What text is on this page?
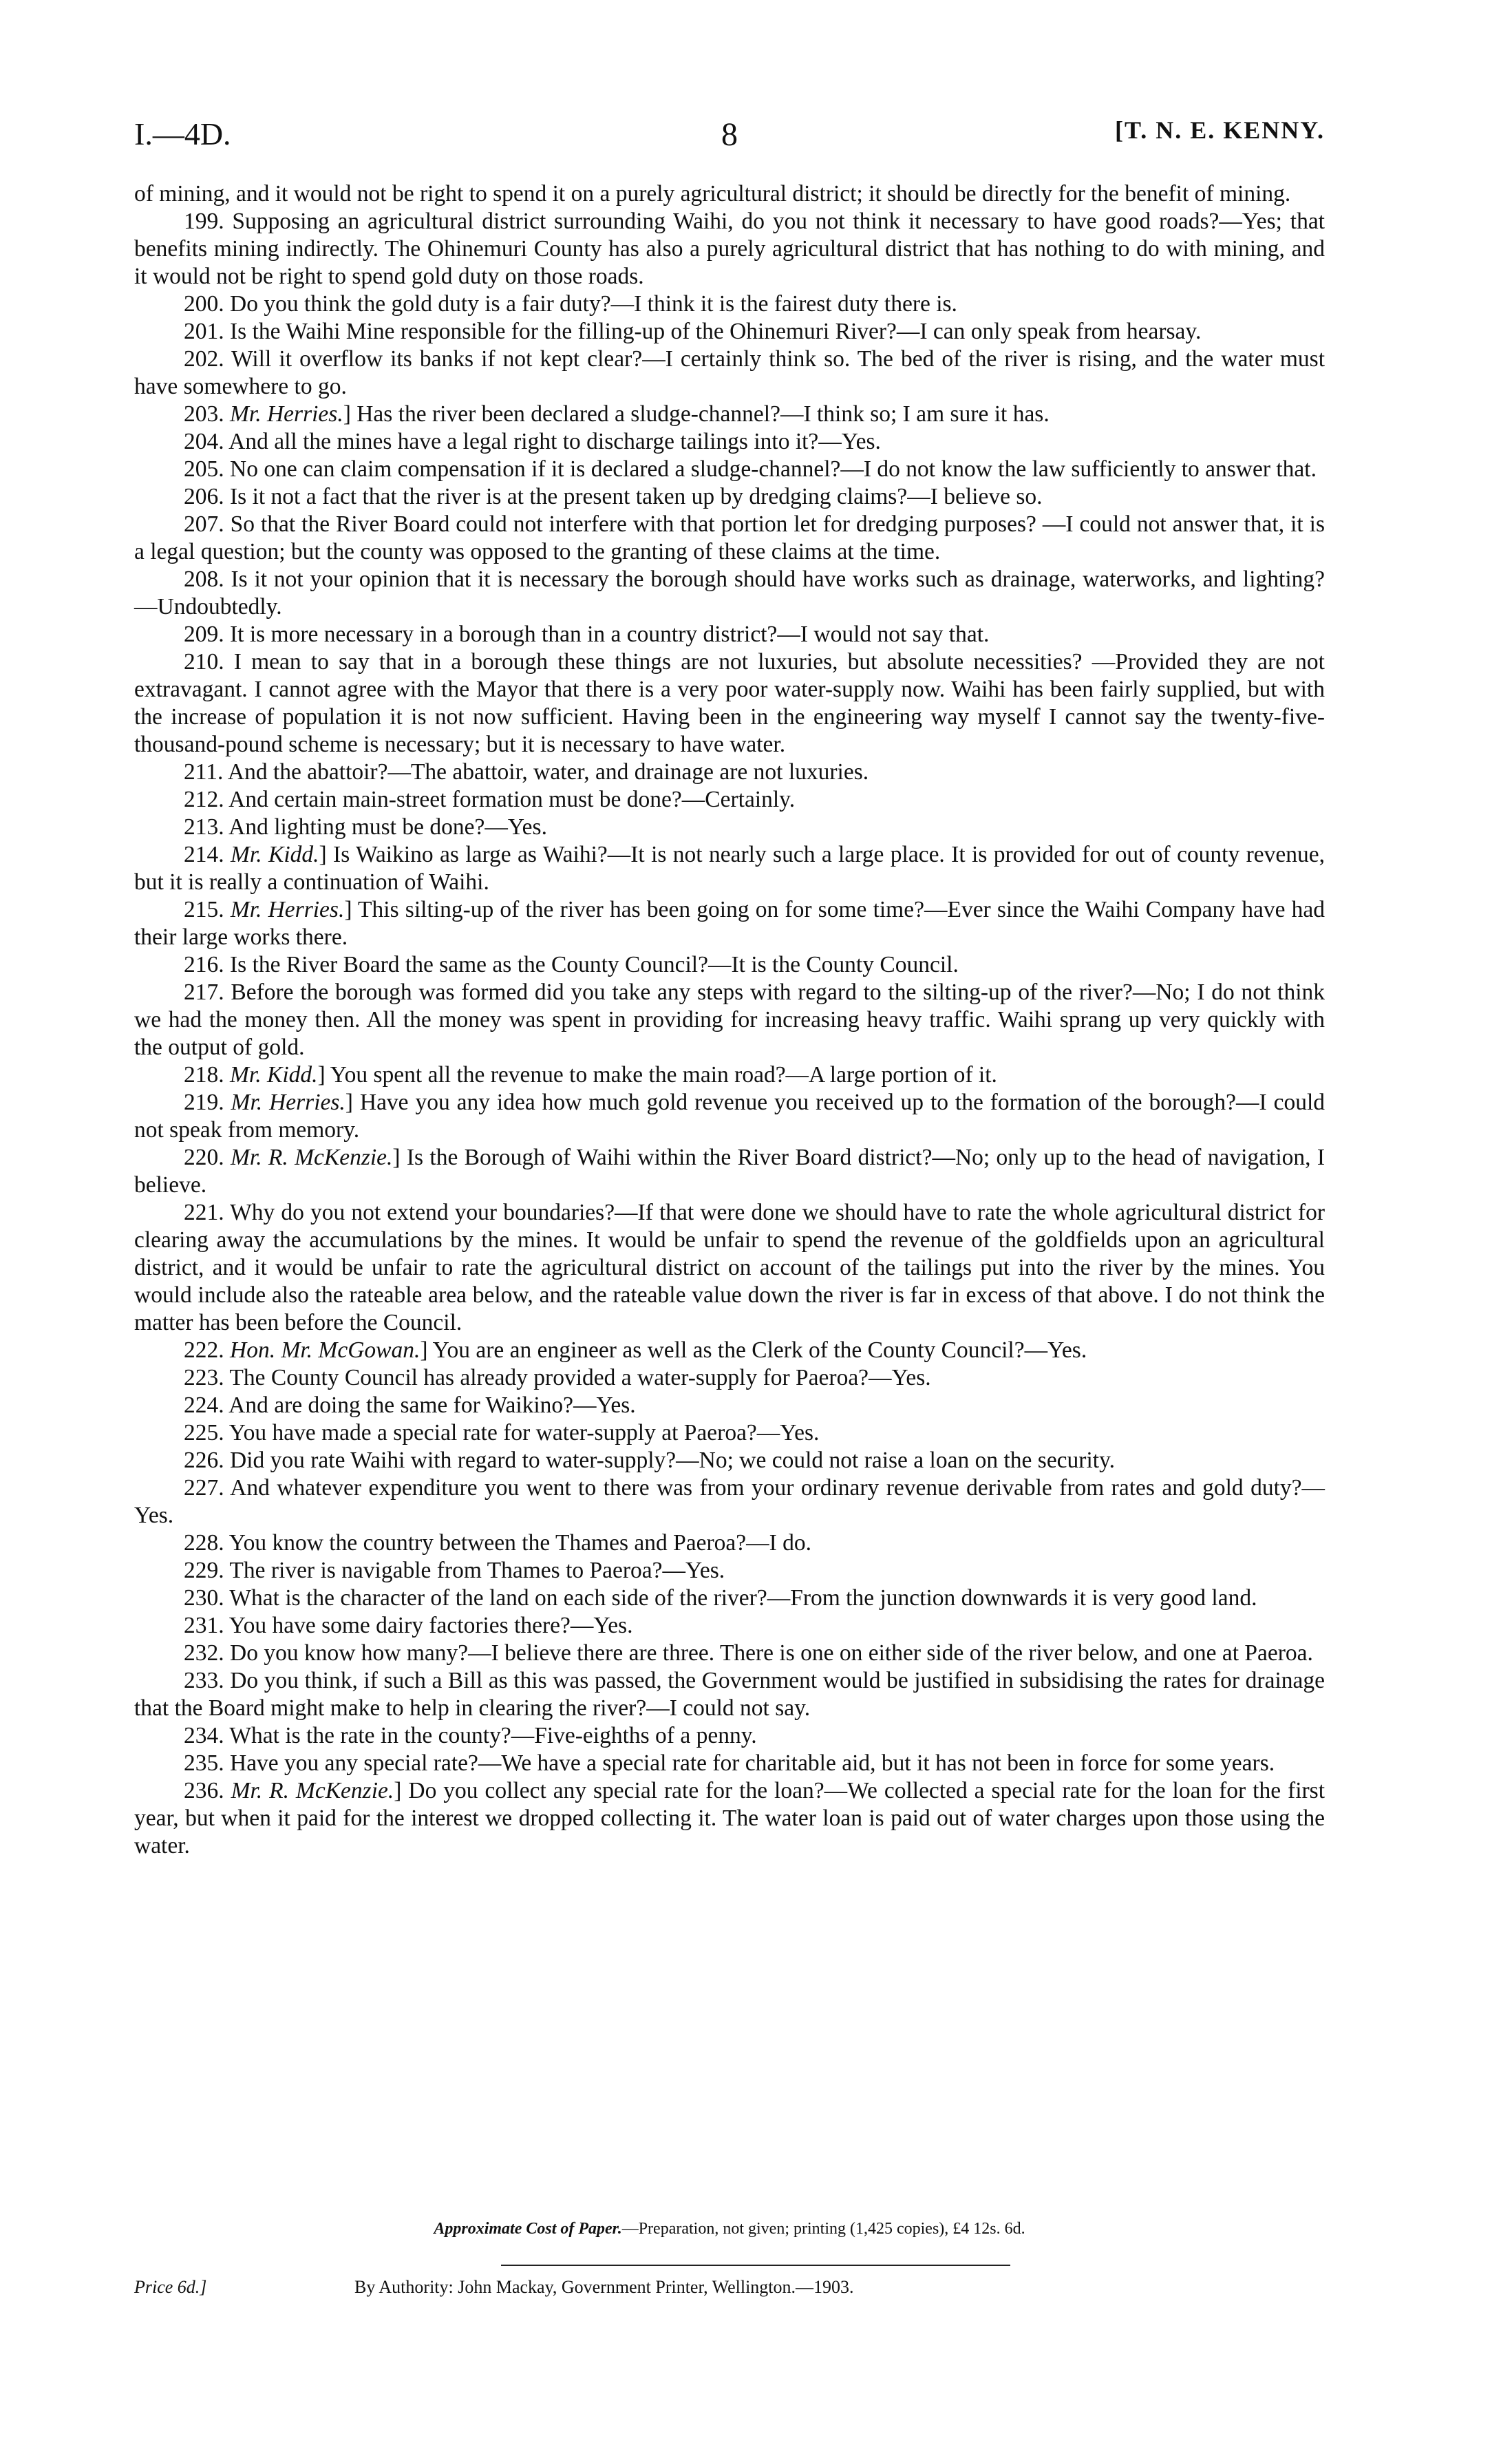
I.—4D.	8	[T. N. E. KENNY.

of mining, and it would not be right to spend it on a purely agricultural district; it should be directly for the benefit of mining.

199. Supposing an agricultural district surrounding Waihi, do you not think it necessary to have good roads?—Yes; that benefits mining indirectly. The Ohinemuri County has also a purely agricultural district that has nothing to do with mining, and it would not be right to spend gold duty on those roads.

200. Do you think the gold duty is a fair duty?—I think it is the fairest duty there is.

201. Is the Waihi Mine responsible for the filling-up of the Ohinemuri River?—I can only speak from hearsay.

202. Will it overflow its banks if not kept clear?—I certainly think so. The bed of the river is rising, and the water must have somewhere to go.

203. Mr. Herries.] Has the river been declared a sludge-channel?—I think so; I am sure it has.

204. And all the mines have a legal right to discharge tailings into it?—Yes.

205. No one can claim compensation if it is declared a sludge-channel?—I do not know the law sufficiently to answer that.

206. Is it not a fact that the river is at the present taken up by dredging claims?—I believe so.

207. So that the River Board could not interfere with that portion let for dredging purposes? —I could not answer that, it is a legal question; but the county was opposed to the granting of these claims at the time.

208. Is it not your opinion that it is necessary the borough should have works such as drainage, waterworks, and lighting?—Undoubtedly.

209. It is more necessary in a borough than in a country district?—I would not say that.

210. I mean to say that in a borough these things are not luxuries, but absolute necessities? —Provided they are not extravagant. I cannot agree with the Mayor that there is a very poor water-supply now. Waihi has been fairly supplied, but with the increase of population it is not now sufficient. Having been in the engineering way myself I cannot say the twenty-five-thousand-pound scheme is necessary; but it is necessary to have water.

211. And the abattoir?—The abattoir, water, and drainage are not luxuries.

212. And certain main-street formation must be done?—Certainly.

213. And lighting must be done?—Yes.

214. Mr. Kidd.] Is Waikino as large as Waihi?—It is not nearly such a large place. It is provided for out of county revenue, but it is really a continuation of Waihi.

215. Mr. Herries.] This silting-up of the river has been going on for some time?—Ever since the Waihi Company have had their large works there.

216. Is the River Board the same as the County Council?—It is the County Council.

217. Before the borough was formed did you take any steps with regard to the silting-up of the river?—No; I do not think we had the money then. All the money was spent in providing for increasing heavy traffic. Waihi sprang up very quickly with the output of gold.

218. Mr. Kidd.] You spent all the revenue to make the main road?—A large portion of it.

219. Mr. Herries.] Have you any idea how much gold revenue you received up to the formation of the borough?—I could not speak from memory.

220. Mr. R. McKenzie.] Is the Borough of Waihi within the River Board district?—No; only up to the head of navigation, I believe.

221. Why do you not extend your boundaries?—If that were done we should have to rate the whole agricultural district for clearing away the accumulations by the mines. It would be unfair to spend the revenue of the goldfields upon an agricultural district, and it would be unfair to rate the agricultural district on account of the tailings put into the river by the mines. You would include also the rateable area below, and the rateable value down the river is far in excess of that above. I do not think the matter has been before the Council.

222. Hon. Mr. McGowan.] You are an engineer as well as the Clerk of the County Council?—Yes.

223. The County Council has already provided a water-supply for Paeroa?—Yes.

224. And are doing the same for Waikino?—Yes.

225. You have made a special rate for water-supply at Paeroa?—Yes.

226. Did you rate Waihi with regard to water-supply?—No; we could not raise a loan on the security.

227. And whatever expenditure you went to there was from your ordinary revenue derivable from rates and gold duty?—Yes.

228. You know the country between the Thames and Paeroa?—I do.

229. The river is navigable from Thames to Paeroa?—Yes.

230. What is the character of the land on each side of the river?—From the junction downwards it is very good land.

231. You have some dairy factories there?—Yes.

232. Do you know how many?—I believe there are three. There is one on either side of the river below, and one at Paeroa.

233. Do you think, if such a Bill as this was passed, the Government would be justified in subsidising the rates for drainage that the Board might make to help in clearing the river?—I could not say.

234. What is the rate in the county?—Five-eighths of a penny.

235. Have you any special rate?—We have a special rate for charitable aid, but it has not been in force for some years.

236. Mr. R. McKenzie.] Do you collect any special rate for the loan?—We collected a special rate for the loan for the first year, but when it paid for the interest we dropped collecting it. The water loan is paid out of water charges upon those using the water.

Approximate Cost of Paper.—Preparation, not given; printing (1,425 copies), £4 12s. 6d.
Price 6d.]	By Authority: John Mackay, Government Printer, Wellington.—1903.
